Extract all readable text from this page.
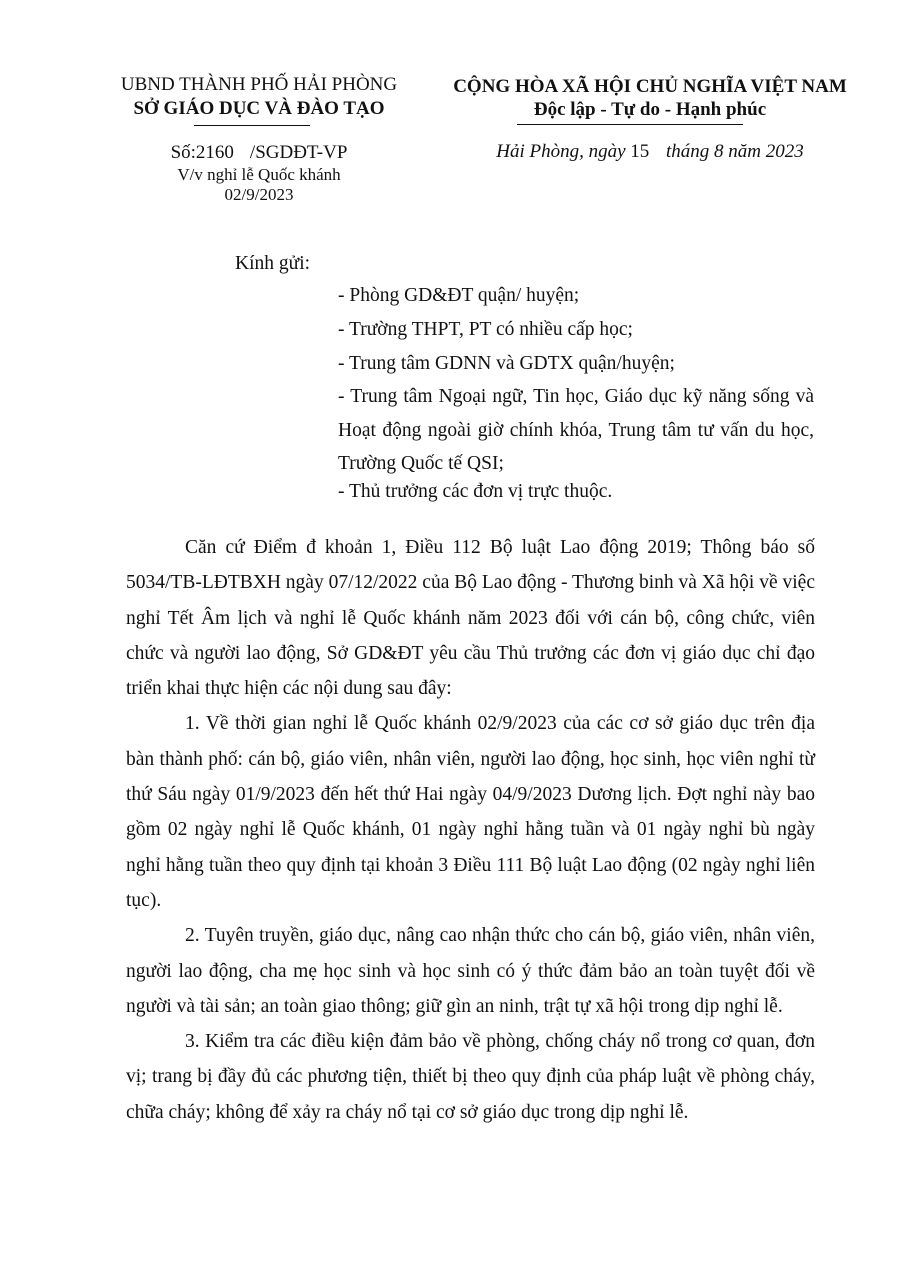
UBND THÀNH PHỐ HẢI PHÒNG
SỞ GIÁO DỤC VÀ ĐÀO TẠO
Số:2160 /SGDĐT-VP
V/v nghỉ lễ Quốc khánh
02/9/2023
CỘNG HÒA XÃ HỘI CHỦ NGHĨA VIỆT NAM
Độc lập - Tự do - Hạnh phúc
Hải Phòng, ngày 15 tháng 8 năm 2023
Kính gửi:
- Phòng GD&ĐT quận/ huyện;
- Trường THPT, PT có nhiều cấp học;
- Trung tâm GDNN và GDTX quận/huyện;

- Trung tâm Ngoại ngữ, Tin học, Giáo dục kỹ năng sống và Hoạt động ngoài giờ chính khóa, Trung tâm tư vấn du học, Trường Quốc tế QSI;

- Thủ trưởng các đơn vị trực thuộc.

Căn cứ Điểm đ khoản 1, Điều 112 Bộ luật Lao động 2019; Thông báo số 5034/TB-LĐTBXH ngày 07/12/2022 của Bộ Lao động - Thương binh và Xã hội về việc nghỉ Tết Âm lịch và nghỉ lễ Quốc khánh năm 2023 đối với cán bộ, công chức, viên chức và người lao động, Sở GD&ĐT yêu cầu Thủ trưởng các đơn vị giáo dục chỉ đạo triển khai thực hiện các nội dung sau đây:

1. Về thời gian nghỉ lễ Quốc khánh 02/9/2023 của các cơ sở giáo dục trên địa bàn thành phố: cán bộ, giáo viên, nhân viên, người lao động, học sinh, học viên nghỉ từ thứ Sáu ngày 01/9/2023 đến hết thứ Hai ngày 04/9/2023 Dương lịch. Đợt nghỉ này bao gồm 02 ngày nghỉ lễ Quốc khánh, 01 ngày nghỉ hằng tuần và 01 ngày nghỉ bù ngày nghỉ hằng tuần theo quy định tại khoản 3 Điều 111 Bộ luật Lao động (02 ngày nghỉ liên tục).

2. Tuyên truyền, giáo dục, nâng cao nhận thức cho cán bộ, giáo viên, nhân viên, người lao động, cha mẹ học sinh và học sinh có ý thức đảm bảo an toàn tuyệt đối về người và tài sản; an toàn giao thông; giữ gìn an ninh, trật tự xã hội trong dịp nghỉ lễ.

3. Kiểm tra các điều kiện đảm bảo về phòng, chống cháy nổ trong cơ quan, đơn vị; trang bị đầy đủ các phương tiện, thiết bị theo quy định của pháp luật về phòng cháy, chữa cháy; không để xảy ra cháy nổ tại cơ sở giáo dục trong dịp nghỉ lễ.
